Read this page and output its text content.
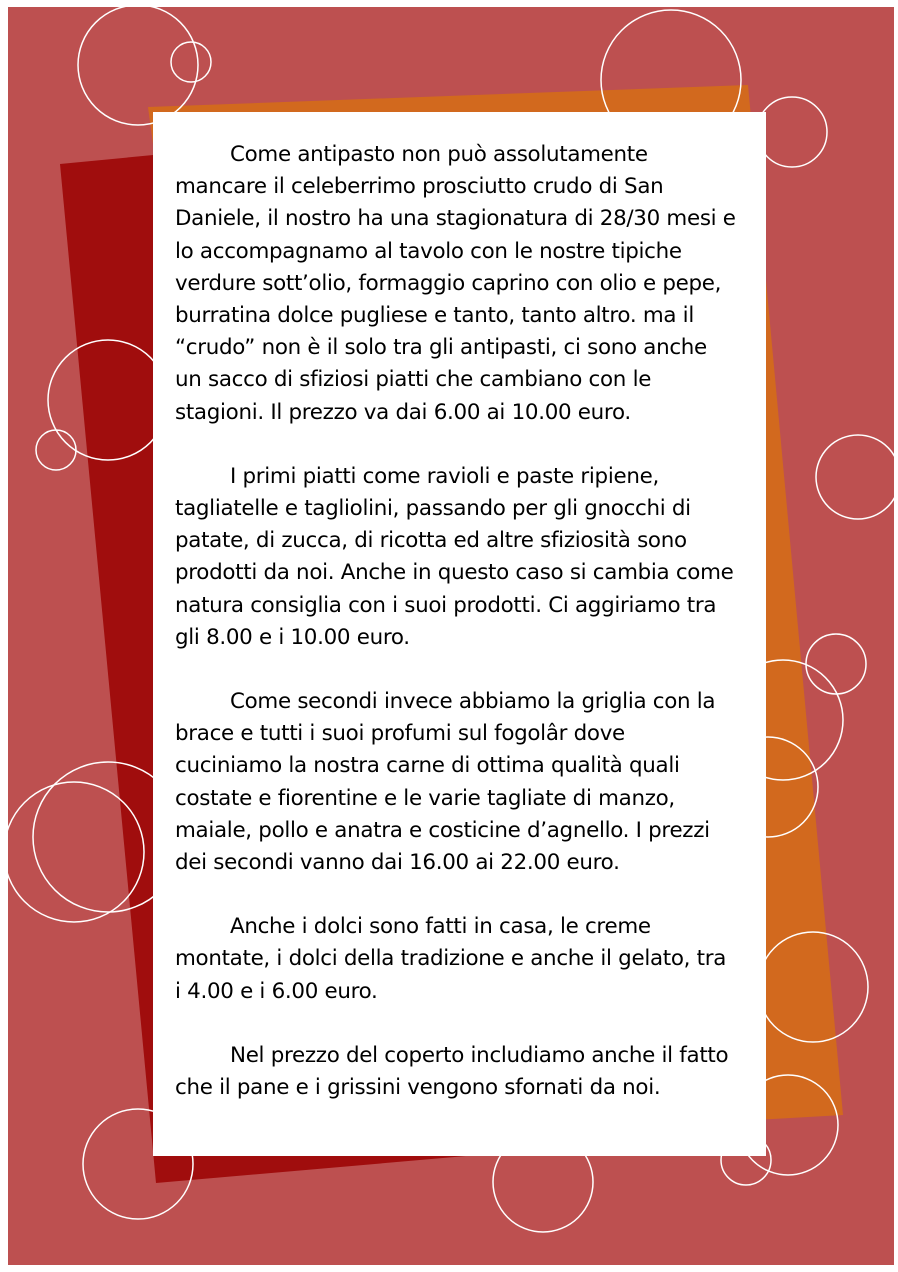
Come antipasto non può assolutamente mancare il celeberrimo prosciutto crudo di San Daniele, il nostro ha una stagionatura di 28/30 mesi e lo accompagnamo al tavolo con le nostre tipiche verdure sott’olio, formaggio caprino con olio e pepe, burratina dolce pugliese e tanto, tanto altro. ma il “crudo” non è il solo tra gli antipasti, ci sono anche un sacco di sfiziosi piatti che cambiano con le stagioni. Il prezzo va dai 6.00 ai 10.00 euro.

I primi piatti come ravioli e paste ripiene, tagliatelle e tagliolini, passando per gli gnocchi di patate, di zucca, di ricotta ed altre sfiziosità sono prodotti da noi. Anche in questo caso si cambia come natura consiglia con i suoi prodotti. Ci aggiriamo tra gli 8.00 e i 10.00 euro.

Come secondi invece abbiamo la griglia con la brace e tutti i suoi profumi sul fogolâr dove cuciniamo la nostra carne di ottima qualità quali costate e fiorentine e le varie tagliate di manzo, maiale, pollo e anatra e costicine d’agnello. I prezzi dei secondi vanno dai 16.00 ai 22.00 euro.

Anche i dolci sono fatti in casa, le creme montate, i dolci della tradizione e anche il gelato, tra i 4.00 e i 6.00 euro.

Nel prezzo del coperto includiamo anche il fatto che il pane e i grissini vengono sfornati da noi.
